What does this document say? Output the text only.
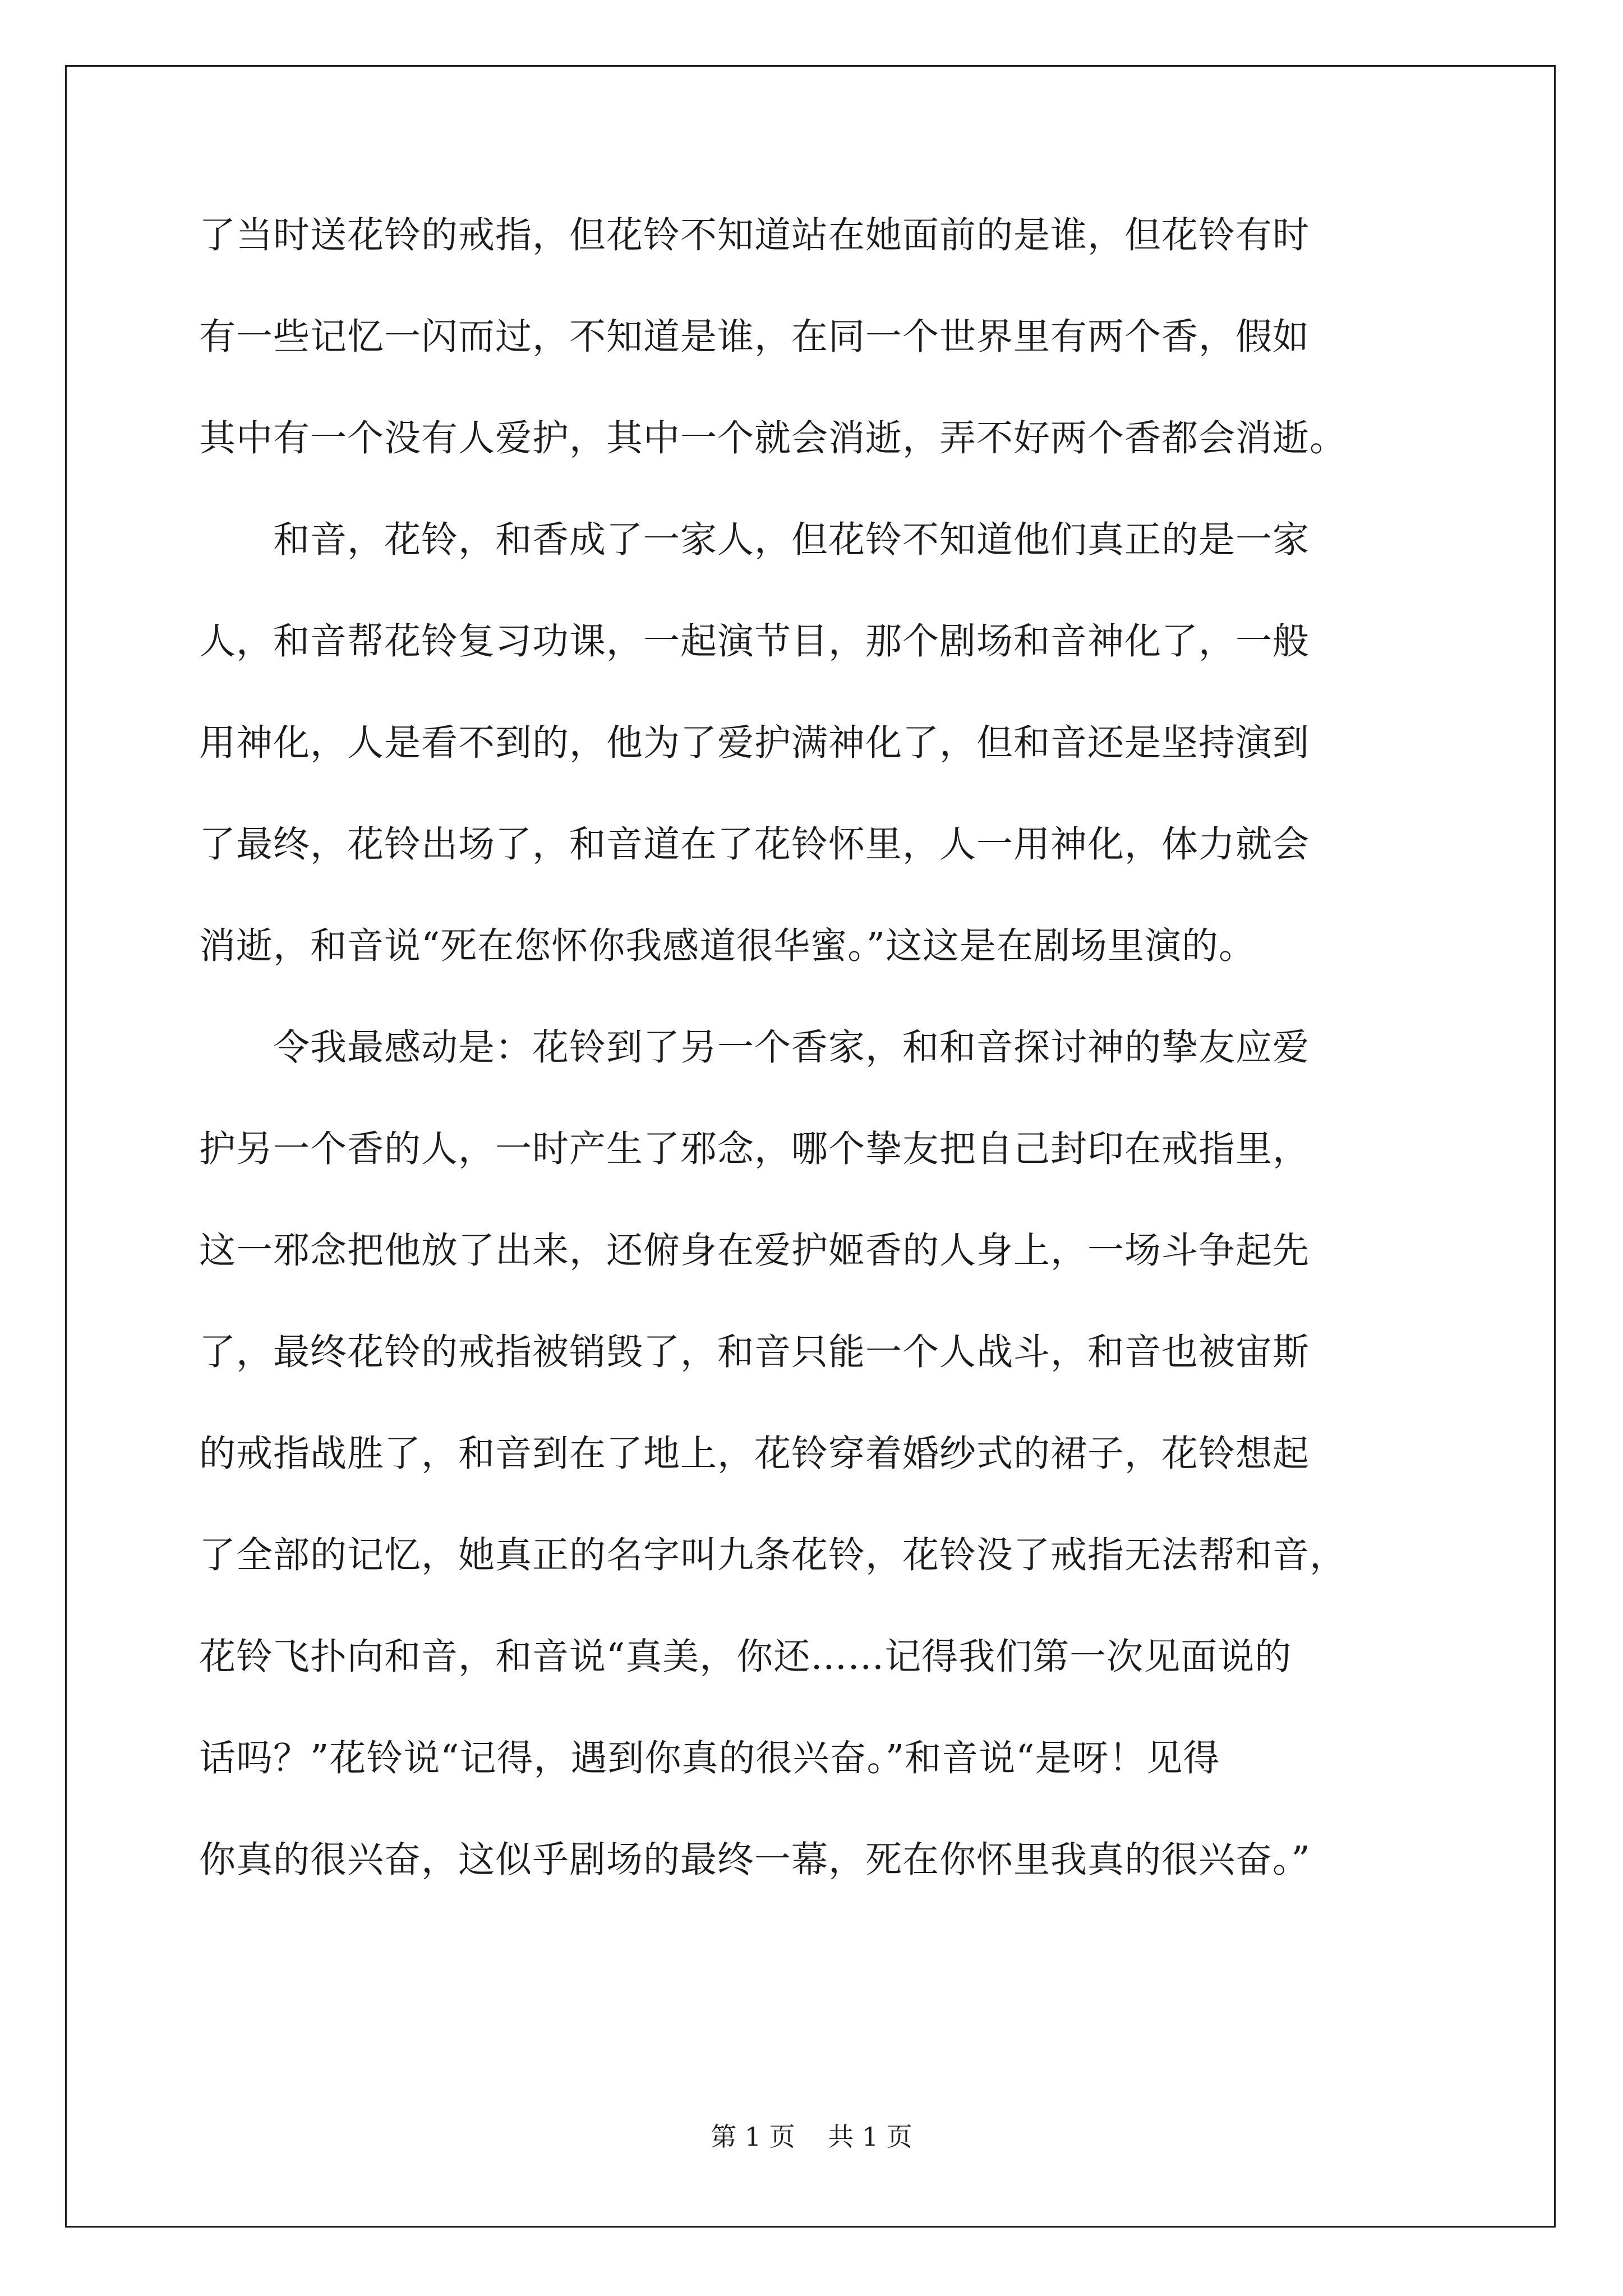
了当时送花铃的戒指，但花铃不知道站在她面前的是谁，但花铃有时
有一些记忆一闪而过，不知道是谁，在同一个世界里有两个香，假如
其中有一个没有人爱护，其中一个就会消逝，弄不好两个香都会消逝。
　　和音，花铃，和香成了一家人，但花铃不知道他们真正的是一家
人，和音帮花铃复习功课，一起演节目，那个剧场和音神化了，一般
用神化，人是看不到的，他为了爱护满神化了，但和音还是坚持演到
了最终，花铃出场了，和音道在了花铃怀里，人一用神化，体力就会
消逝，和音说“死在您怀你我感道很华蜜。”这这是在剧场里演的。
　　令我最感动是：花铃到了另一个香家，和和音探讨神的挚友应爱
护另一个香的人，一时产生了邪念，哪个挚友把自己封印在戒指里，
这一邪念把他放了出来，还俯身在爱护姬香的人身上，一场斗争起先
了，最终花铃的戒指被销毁了，和音只能一个人战斗，和音也被宙斯
的戒指战胜了，和音到在了地上，花铃穿着婚纱式的裙子，花铃想起
了全部的记忆，她真正的名字叫九条花铃，花铃没了戒指无法帮和音，
花铃飞扑向和音，和音说“真美，你还……记得我们第一次见面说的
话吗？”花铃说“记得，遇到你真的很兴奋。”和音说“是呀！见得
你真的很兴奋，这似乎剧场的最终一幕，死在你怀里我真的很兴奋。”
第 1 页    共 1 页
